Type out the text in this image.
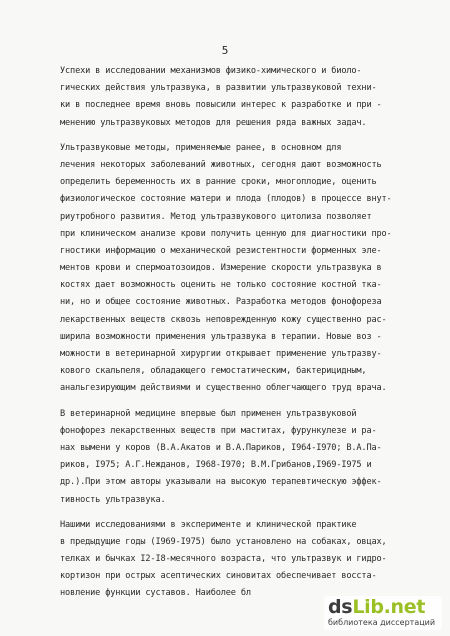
5
Успехи в исследовании механизмов физико-химического и биоло-
гических действия ультразвука, в развитии ультразвуковой техни-
ки в последнее время вновь повысили интерес к разработке и при -
менению ультразвуковых методов для решения ряда важных задач.
Ультразвуковые методы, применяемые ранее, в основном для
лечения некоторых заболеваний животных, сегодня дают возможность
определить беременность их в ранние сроки, многоплодие, оценить
физиологическое состояние матери и плода (плодов) в процессе внут-
риутробного развития. Метод ультразвукового цитолиза позволяет
при клиническом анализе крови получить ценную для диагностики про-
гностики информацию о механической резистентности форменных эле-
ментов крови и спермоатозоидов. Измерение скорости ультразвука в
костях дает возможность оценить не только состояние костной тка-
ни, но и общее состояние животных. Разработка методов фонофореза
лекарственных веществ сквозь неповрежденную кожу существенно рас-
ширила возможности применения ультразвука в терапии. Новые воз -
можности в ветеринарной хирургии открывает применение ультразву-
кового скальпеля, обладающего гемостатическим, бактерицидным,
анальгезирующим действиями и существенно облегчающего труд врача.
В ветеринарной медицине впервые был применен ультразвуковой
фонофорез лекарственных веществ при маститах, фурункулезе и ра-
нах вымени у коров (В.А.Акатов и В.А.Париков, I964-I970; В.А.Па-
риков, I975; А.Г.Нежданов, I968-I970; В.М.Грибанов,I969-I975 и
др.).При этом авторы указывали на высокую терапевтическую эффек-
тивность ультразвука.
Нашими исследованиями в эксперименте и клинической практике
в предыдущие годы (I969-I975) было установлено на собаках, овцах,
телках и бычках I2-I8-месячного возраста, что ультразвук и гидро-
кортизон при острых асептических синовитах обеспечивает восста-
новление функции суставов. Наиболее бл
dsLib.net
библиотека диссертаций
